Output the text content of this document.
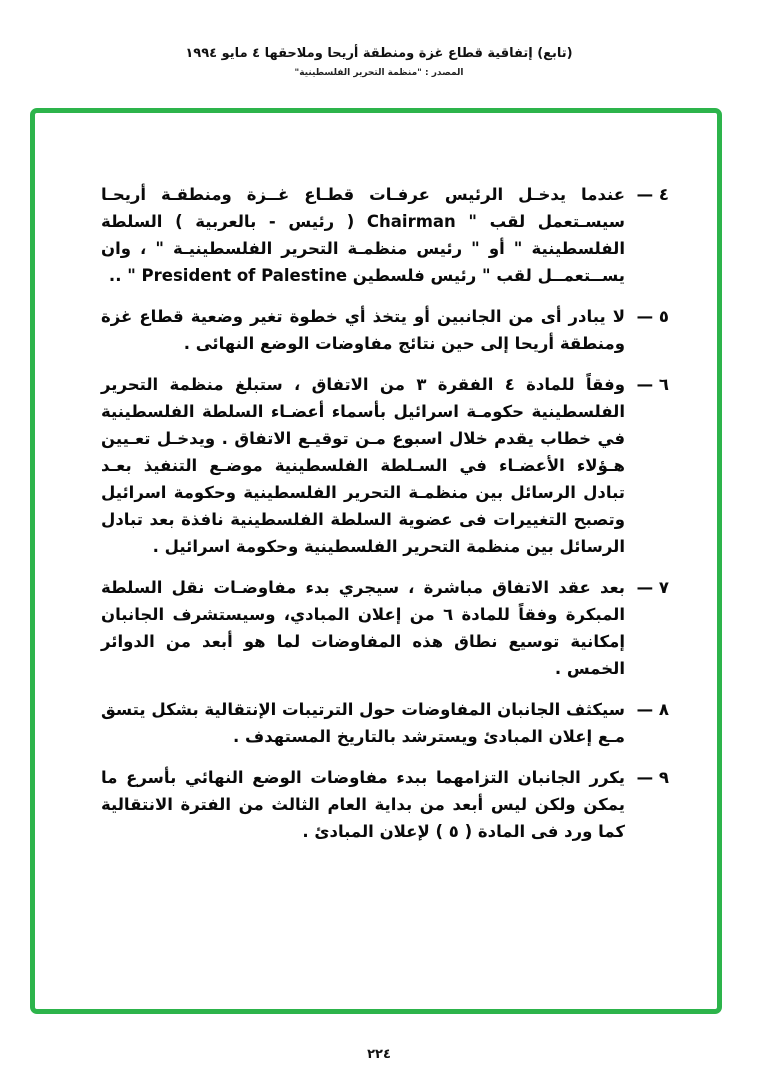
(تابع) إتفاقية قطاع غزة ومنطقة أريحا وملاحقها ٤ مايو ١٩٩٤
المصدر : "منظمة التحرير الفلسطينية"
٤ —
عندما يدخـل الرئيس عرفـات قطـاع غــزة ومنطقـة أريحـا سيسـتعمل لقب " Chairman ( رئيس - بالعربية ) السلطة الفلسطينية " أو " رئيس منظمـة التحرير الفلسطينيـة " ، وان يســتعمــل لقب " رئيس فلسطين President of Palestine " ..
٥ —
لا يبادر أى من الجانبين أو يتخذ أي خطوة تغير وضعية قطاع غزة ومنطقة أريحا إلى حين نتائج مفاوضات الوضع النهائى .
٦ —
وفقاً للمادة ٤ الفقرة ٣ من الاتفاق ، ستبلغ منظمة التحرير الفلسطينية حكومـة اسرائيل بأسماء أعضـاء السلطة الفلسطينية في خطاب يقدم خلال اسبوع مـن توقيـع الاتفاق . ويدخـل تعـيين هـؤلاء الأعضـاء في السـلطة الفلسطينية موضـع التنفيذ بعـد تبادل الرسائل بين منظمـة التحرير الفلسطينية وحكومة اسرائيل وتصبح التغييرات فى عضوية السلطة الفلسطينية نافذة بعد تبادل الرسائل بين منظمة التحرير الفلسطينية وحكومة اسرائيل .
٧ —
بعد عقد الاتفاق مباشرة ، سيجري بدء مفاوضـات نقل السلطة المبكرة وفقاً للمادة ٦ من إعلان المبادي، وسيستشرف الجانبان إمكانية توسيع نطاق هذه المفاوضات لما هو أبعد من الدوائر الخمس .
٨ —
سيكثف الجانبان المفاوضات حول الترتيبات الإنتقالية بشكل يتسق مـع إعلان المبادئ ويسترشد بالتاريخ المستهدف .
٩ —
يكرر الجانبان التزامهما ببدء مفاوضات الوضع النهائي بأسرع ما يمكن ولكن ليس أبعد من بداية العام الثالث من الفترة الانتقالية كما ورد فى المادة ( ٥ ) لإعلان المبادئ .
٢٢٤
